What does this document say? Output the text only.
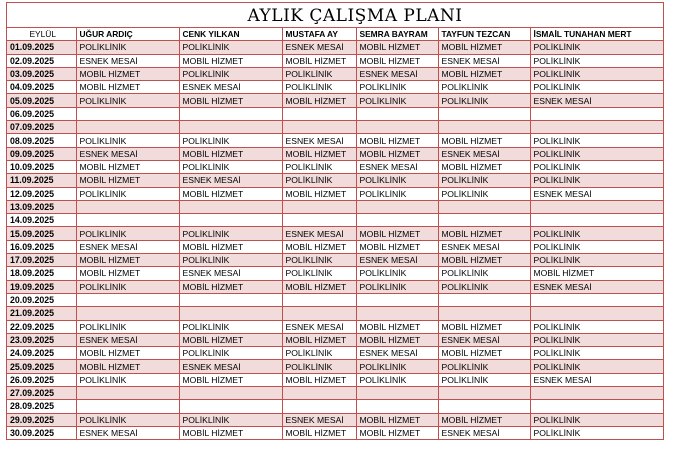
AYLIK ÇALIŞMA PLANI
EYLÜL	UĞUR ARDIÇ	CENK YILKAN	MUSTAFA AY	SEMRA BAYRAM	TAYFUN TEZCAN	İSMAİL TUNAHAN MERT
01.09.2025	POLİKLİNİK	POLİKLİNİK	ESNEK MESAİ	MOBİL HİZMET	MOBİL HİZMET	POLİKLİNİK
02.09.2025	ESNEK MESAİ	MOBİL HİZMET	MOBİL HİZMET	MOBİL HİZMET	ESNEK MESAİ	POLİKLİNİK
03.09.2025	MOBİL HİZMET	POLİKLİNİK	POLİKLİNİK	ESNEK MESAİ	MOBİL HİZMET	POLİKLİNİK
04.09.2025	MOBİL HİZMET	ESNEK MESAİ	POLİKLİNİK	POLİKLİNİK	POLİKLİNİK	POLİKLİNİK
05.09.2025	POLİKLİNİK	MOBİL HİZMET	MOBİL HİZMET	POLİKLİNİK	POLİKLİNİK	ESNEK MESAİ
06.09.2025						
07.09.2025						
08.09.2025	POLİKLİNİK	POLİKLİNİK	ESNEK MESAİ	MOBİL HİZMET	MOBİL HİZMET	POLİKLİNİK
09.09.2025	ESNEK MESAİ	MOBİL HİZMET	MOBİL HİZMET	MOBİL HİZMET	ESNEK MESAİ	POLİKLİNİK
10.09.2025	MOBİL HİZMET	POLİKLİNİK	POLİKLİNİK	ESNEK MESAİ	MOBİL HİZMET	POLİKLİNİK
11.09.2025	MOBİL HİZMET	ESNEK MESAİ	POLİKLİNİK	POLİKLİNİK	POLİKLİNİK	POLİKLİNİK
12.09.2025	POLİKLİNİK	MOBİL HİZMET	MOBİL HİZMET	POLİKLİNİK	POLİKLİNİK	ESNEK MESAİ
13.09.2025						
14.09.2025						
15.09.2025	POLİKLİNİK	POLİKLİNİK	ESNEK MESAİ	MOBİL HİZMET	MOBİL HİZMET	POLİKLİNİK
16.09.2025	ESNEK MESAİ	MOBİL HİZMET	MOBİL HİZMET	MOBİL HİZMET	ESNEK MESAİ	POLİKLİNİK
17.09.2025	MOBİL HİZMET	POLİKLİNİK	POLİKLİNİK	ESNEK MESAİ	MOBİL HİZMET	POLİKLİNİK
18.09.2025	MOBİL HİZMET	ESNEK MESAİ	POLİKLİNİK	POLİKLİNİK	POLİKLİNİK	MOBİL HİZMET
19.09.2025	POLİKLİNİK	MOBİL HİZMET	MOBİL HİZMET	POLİKLİNİK	POLİKLİNİK	ESNEK MESAİ
20.09.2025						
21.09.2025						
22.09.2025	POLİKLİNİK	POLİKLİNİK	ESNEK MESAİ	MOBİL HİZMET	MOBİL HİZMET	POLİKLİNİK
23.09.2025	ESNEK MESAİ	MOBİL HİZMET	MOBİL HİZMET	MOBİL HİZMET	ESNEK MESAİ	POLİKLİNİK
24.09.2025	MOBİL HİZMET	POLİKLİNİK	POLİKLİNİK	ESNEK MESAİ	MOBİL HİZMET	POLİKLİNİK
25.09.2025	MOBİL HİZMET	ESNEK MESAİ	POLİKLİNİK	POLİKLİNİK	POLİKLİNİK	POLİKLİNİK
26.09.2025	POLİKLİNİK	MOBİL HİZMET	MOBİL HİZMET	POLİKLİNİK	POLİKLİNİK	ESNEK MESAİ
27.09.2025						
28.09.2025						
29.09.2025	POLİKLİNİK	POLİKLİNİK	ESNEK MESAİ	MOBİL HİZMET	MOBİL HİZMET	POLİKLİNİK
30.09.2025	ESNEK MESAİ	MOBİL HİZMET	MOBİL HİZMET	MOBİL HİZMET	ESNEK MESAİ	POLİKLİNİK
